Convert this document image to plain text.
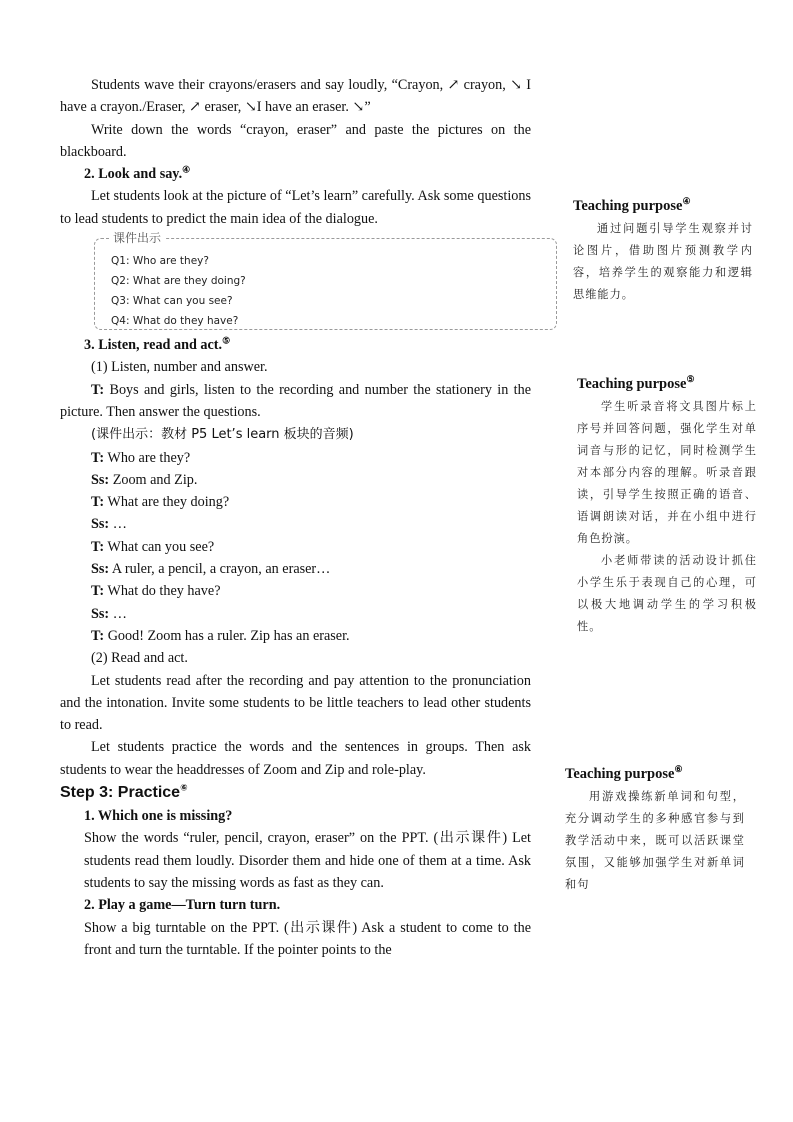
Students wave their crayons/erasers and say loudly, “Crayon, ↗ crayon, ↘ I have a crayon./Eraser, ↗ eraser, ↘I have an eraser. ↘”

Write down the words “crayon, eraser” and paste the pictures on the blackboard.

2. Look and say.④

Let students look at the picture of “Let’s learn” carefully. Ask some questions to lead students to predict the main idea of the dialogue.

课件出示
Q1: Who are they?
Q2: What are they doing?
Q3: What can you see?
Q4: What do they have?

3. Listen, read and act.⑤

(1) Listen, number and answer.

T: Boys and girls, listen to the recording and number the stationery in the picture. Then answer the questions.

(课件出示：教材 P5 Let’s learn 板块的音频)

T: Who are they?

Ss: Zoom and Zip.

T: What are they doing?

Ss: …

T: What can you see?

Ss: A ruler, a pencil, a crayon, an eraser…

T: What do they have?

Ss: …

T: Good! Zoom has a ruler. Zip has an eraser.

(2) Read and act.

Let students read after the recording and pay attention to the pronunciation and the intonation. Invite some students to be little teachers to lead other students to read.

Let students practice the words and the sentences in groups. Then ask students to wear the headdresses of Zoom and Zip and role-play.

Step 3: Practice⑥

1. Which one is missing?

Show the words “ruler, pencil, crayon, eraser” on the PPT. (出示课件) Let students read them loudly. Disorder them and hide one of them at a time. Ask students to say the missing words as fast as they can.

2. Play a game—Turn turn turn.

Show a big turntable on the PPT. (出示课件) Ask a student to come to the front and turn the turntable. If the pointer points to the

Teaching purpose④

通过问题引导学生观察并讨论图片，借助图片预测教学内容，培养学生的观察能力和逻辑思维能力。

Teaching purpose⑤

学生听录音将文具图片标上序号并回答问题，强化学生对单词音与形的记忆，同时检测学生对本部分内容的理解。听录音跟读，引导学生按照正确的语音、语调朗读对话，并在小组中进行角色扮演。

小老师带读的活动设计抓住小学生乐于表现自己的心理，可以极大地调动学生的学习积极性。

Teaching purpose⑥

用游戏操练新单词和句型，充分调动学生的多种感官参与到教学活动中来，既可以活跃课堂氛围，又能够加强学生对新单词和句
